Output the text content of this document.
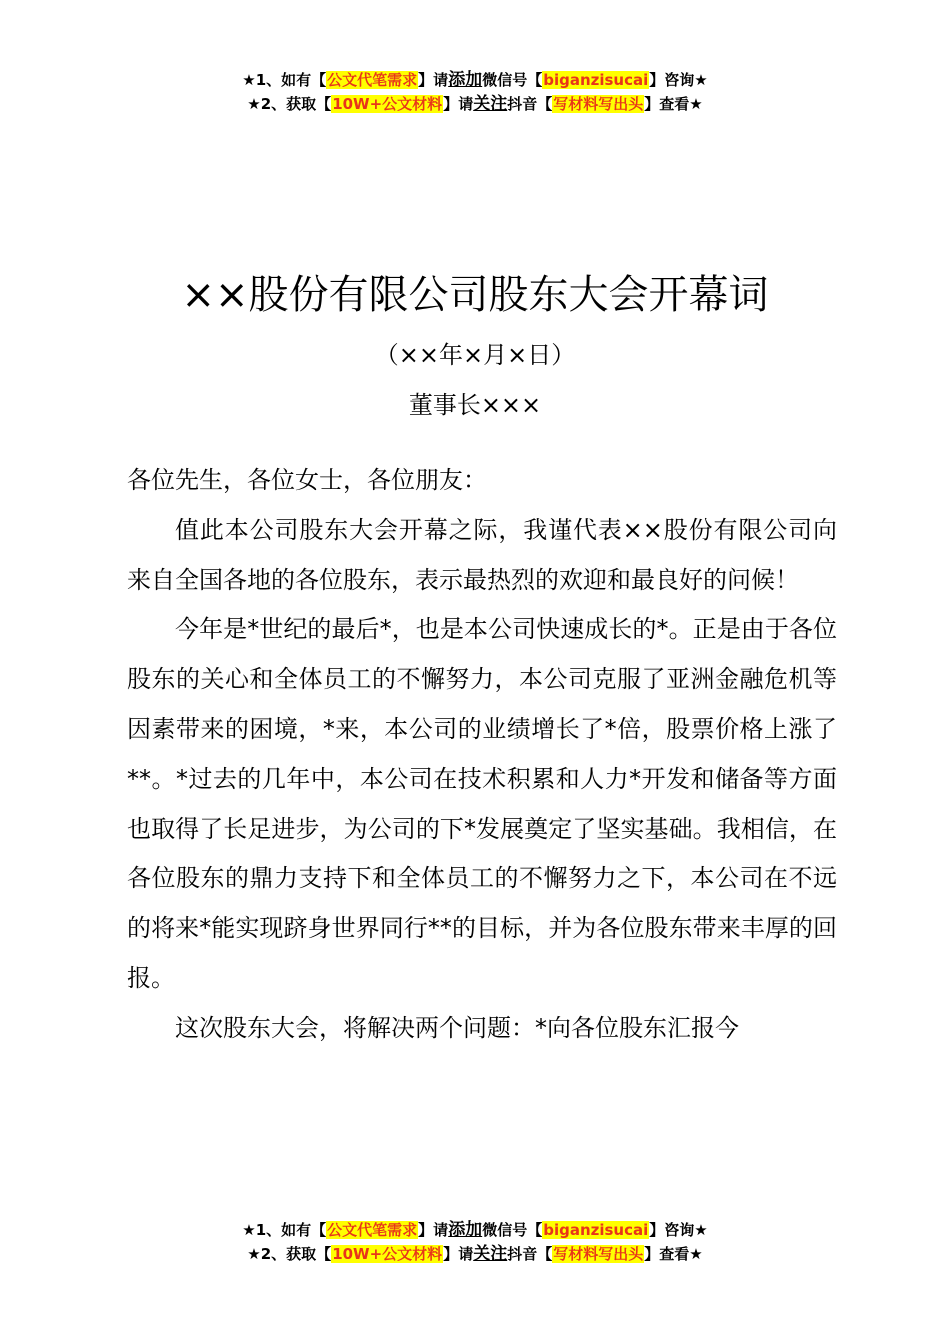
★1、如有【公文代笔需求】请添加微信号【biganzisucai】咨询★
★2、获取【10W+公文材料】请关注抖音【写材料写出头】查看★
××股份有限公司股东大会开幕词
（××年×月×日）
董事长×××

各位先生，各位女士，各位朋友：

值此本公司股东大会开幕之际，我谨代表××股份有限公司向来自全国各地的各位股东，表示最热烈的欢迎和最良好的问候！

今年是*世纪的最后*，也是本公司快速成长的*。正是由于各位股东的关心和全体员工的不懈努力，本公司克服了亚洲金融危机等因素带来的困境，*来，本公司的业绩增长了*倍，股票价格上涨了**。*过去的几年中，本公司在技术积累和人力*开发和储备等方面也取得了长足进步，为公司的下*发展奠定了坚实基础。我相信，在各位股东的鼎力支持下和全体员工的不懈努力之下，本公司在不远的将来*能实现跻身世界同行**的目标，并为各位股东带来丰厚的回报。

这次股东大会，将解决两个问题：*向各位股东汇报今

★1、如有【公文代笔需求】请添加微信号【biganzisucai】咨询★
★2、获取【10W+公文材料】请关注抖音【写材料写出头】查看★
